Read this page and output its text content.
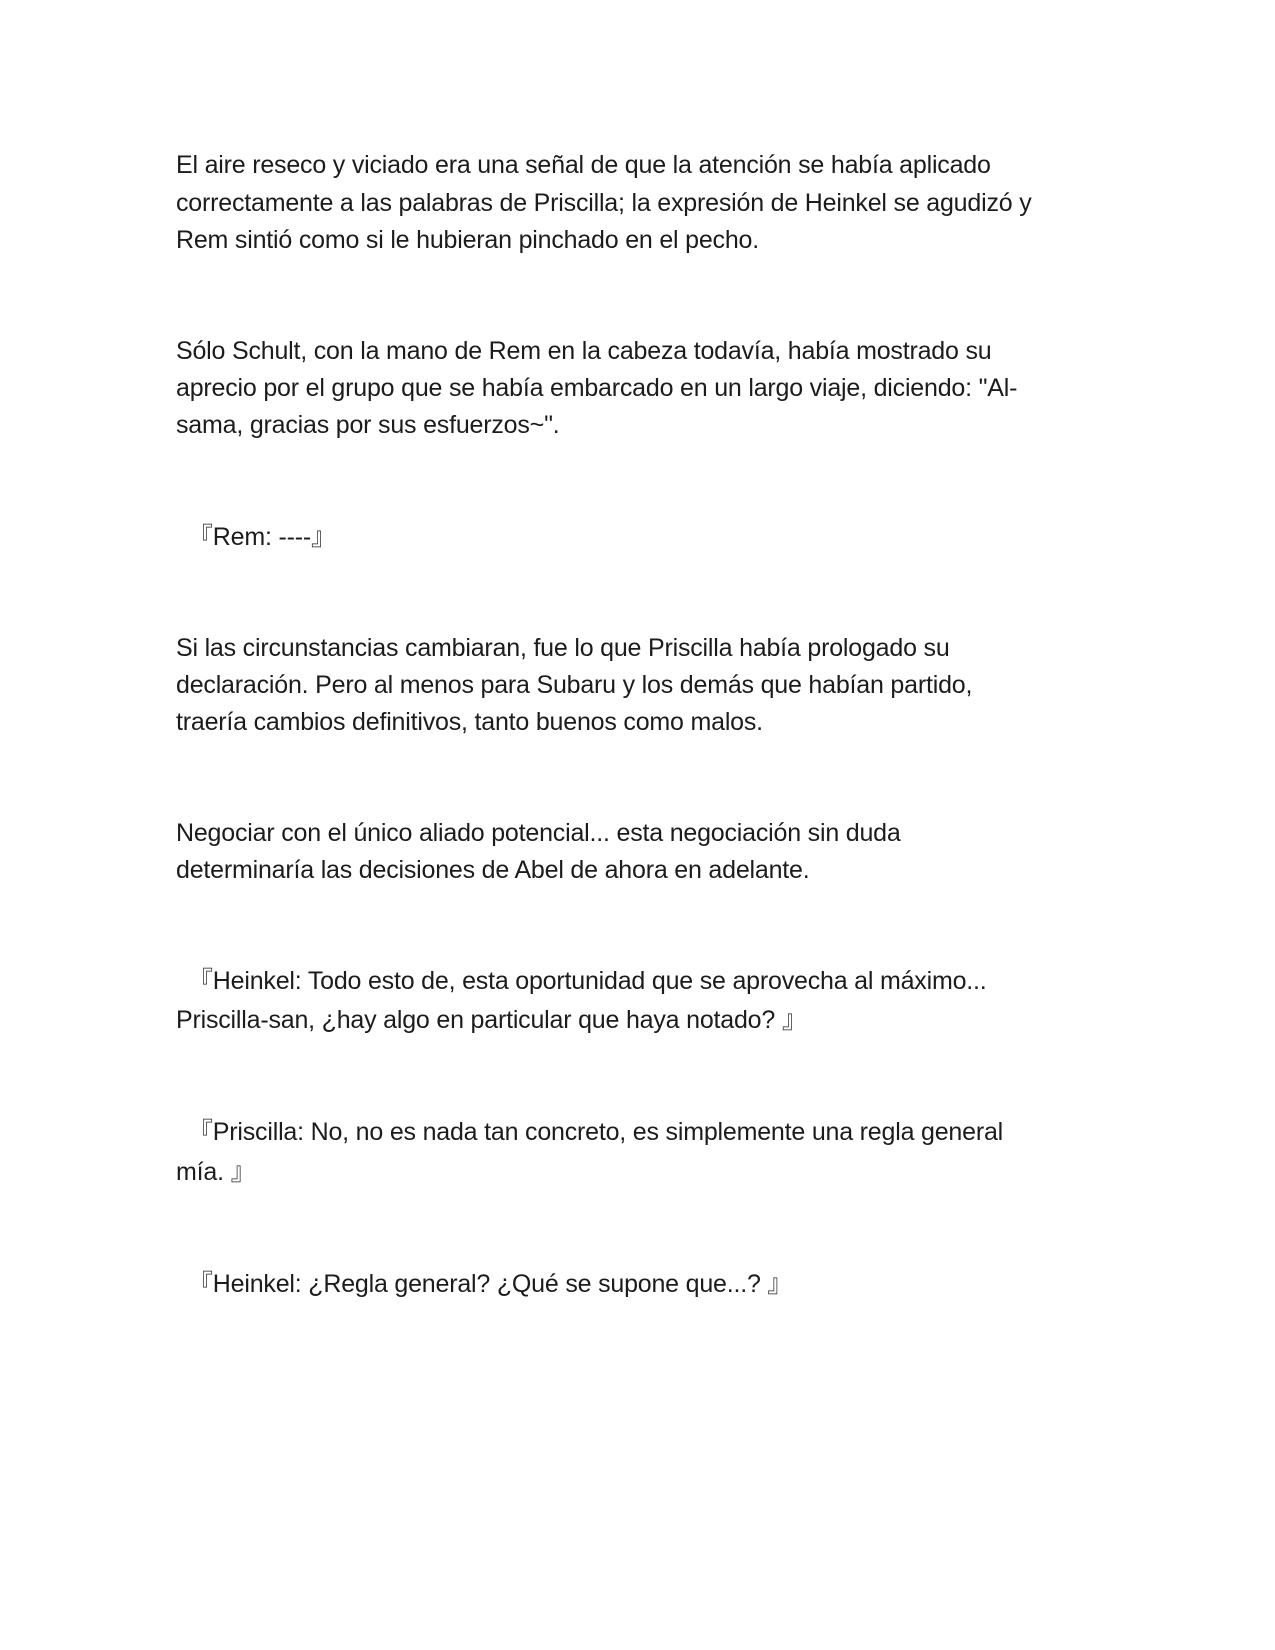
El aire reseco y viciado era una señal de que la atención se había aplicado
correctamente a las palabras de Priscilla; la expresión de Heinkel se agudizó y
Rem sintió como si le hubieran pinchado en el pecho.
Sólo Schult, con la mano de Rem en la cabeza todavía, había mostrado su
aprecio por el grupo que se había embarcado en un largo viaje, diciendo: "Al-
sama, gracias por sus esfuerzos~".
『Rem: ----』
Si las circunstancias cambiaran, fue lo que Priscilla había prologado su
declaración. Pero al menos para Subaru y los demás que habían partido,
traería cambios definitivos, tanto buenos como malos.
Negociar con el único aliado potencial... esta negociación sin duda
determinaría las decisiones de Abel de ahora en adelante.
『Heinkel: Todo esto de, esta oportunidad que se aprovecha al máximo...
Priscilla-san, ¿hay algo en particular que haya notado? 』
『Priscilla: No, no es nada tan concreto, es simplemente una regla general
mía. 』
『Heinkel: ¿Regla general? ¿Qué se supone que...? 』
